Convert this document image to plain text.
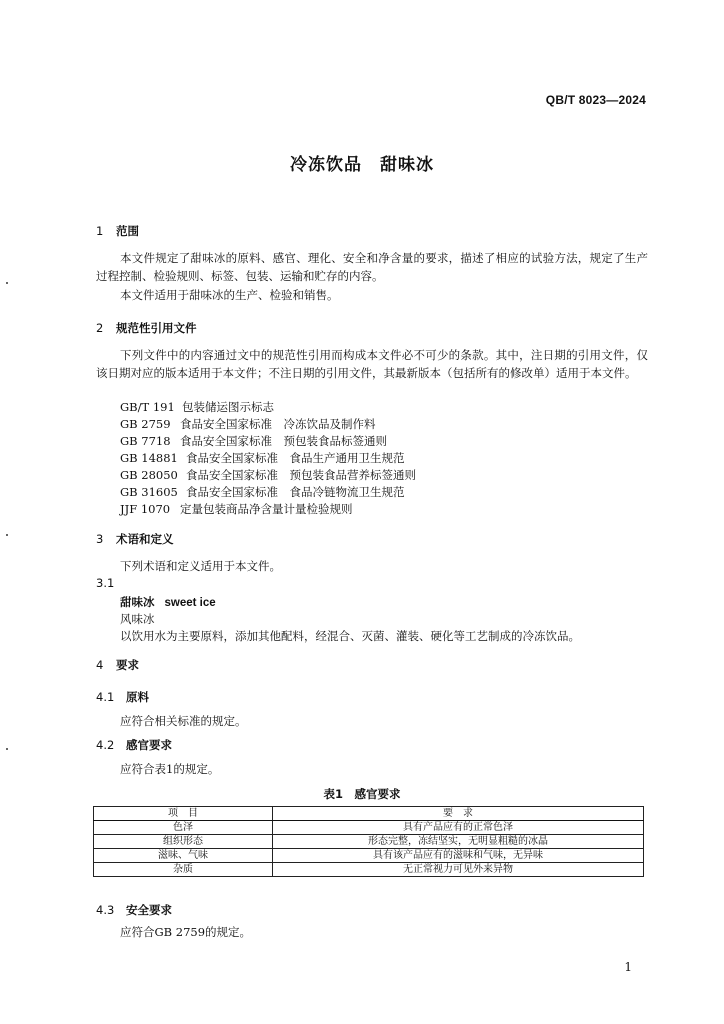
QB/T 8023—2024
冷冻饮品　甜味冰
1 范围
本文件规定了甜味冰的原料、感官、理化、安全和净含量的要求，描述了相应的试验方法，规定了生产过程控制、检验规则、标签、包装、运输和贮存的内容。
本文件适用于甜味冰的生产、检验和销售。
2 规范性引用文件
下列文件中的内容通过文中的规范性引用而构成本文件必不可少的条款。其中，注日期的引用文件，仅该日期对应的版本适用于本文件；不注日期的引用文件，其最新版本（包括所有的修改单）适用于本文件。
GB/T 191 包装储运图示标志
GB 2759 食品安全国家标准　冷冻饮品及制作料
GB 7718 食品安全国家标准　预包装食品标签通则
GB 14881 食品安全国家标准　食品生产通用卫生规范
GB 28050 食品安全国家标准　预包装食品营养标签通则
GB 31605 食品安全国家标准　食品冷链物流卫生规范
JJF 1070 定量包装商品净含量计量检验规则
3 术语和定义
下列术语和定义适用于本文件。
3.1
甜味冰 sweet ice
风味冰
以饮用水为主要原料，添加其他配料，经混合、灭菌、灌装、硬化等工艺制成的冷冻饮品。
4 要求
4.1 原料
应符合相关标准的规定。
4.2 感官要求
应符合表1的规定。
表1　感官要求
项　目	要　求
色泽	具有产品应有的正常色泽
组织形态	形态完整，冻结坚实，无明显粗糙的冰晶
滋味、气味	具有该产品应有的滋味和气味，无异味
杂质	无正常视力可见外来异物
4.3 安全要求
应符合GB 2759的规定。
1
